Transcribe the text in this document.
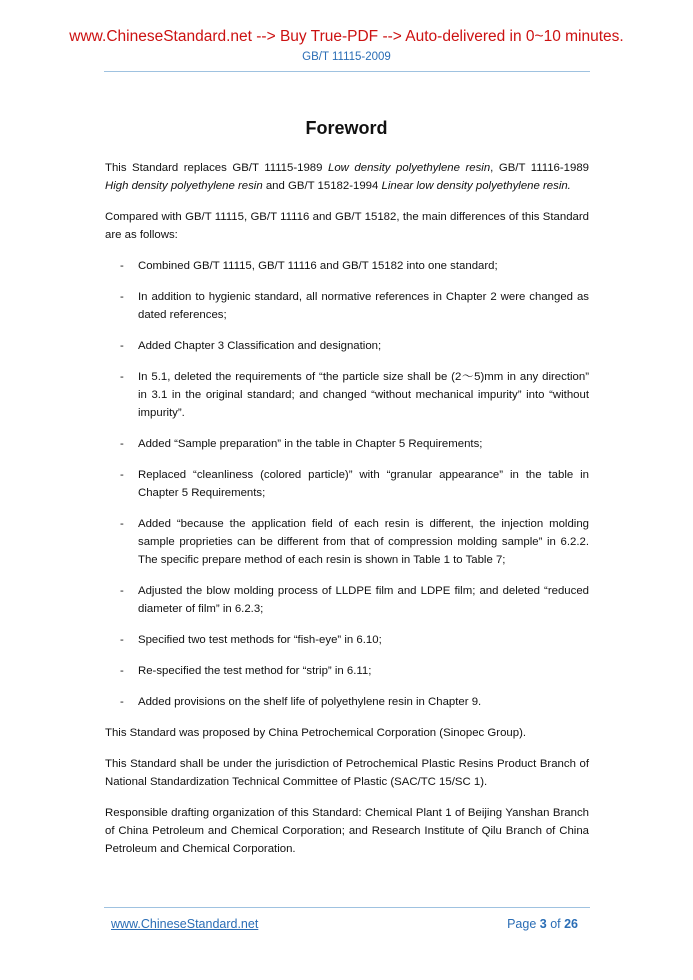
www.ChineseStandard.net --> Buy True-PDF --> Auto-delivered in 0~10 minutes.
GB/T 11115-2009
Foreword

This Standard replaces GB/T 11115-1989 Low density polyethylene resin, GB/T 11116-1989 High density polyethylene resin and GB/T 15182-1994 Linear low density polyethylene resin.

Compared with GB/T 11115, GB/T 11116 and GB/T 15182, the main differences of this Standard are as follows:

- Combined GB/T 11115, GB/T 11116 and GB/T 15182 into one standard;
- In addition to hygienic standard, all normative references in Chapter 2 were changed as dated references;
- Added Chapter 3 Classification and designation;
- In 5.1, deleted the requirements of “the particle size shall be (2～5)mm in any direction” in 3.1 in the original standard; and changed “without mechanical impurity” into “without impurity”.
- Added “Sample preparation” in the table in Chapter 5 Requirements;
- Replaced “cleanliness (colored particle)” with “granular appearance” in the table in Chapter 5 Requirements;
- Added “because the application field of each resin is different, the injection molding sample proprieties can be different from that of compression molding sample” in 6.2.2. The specific prepare method of each resin is shown in Table 1 to Table 7;
- Adjusted the blow molding process of LLDPE film and LDPE film; and deleted “reduced diameter of film” in 6.2.3;
- Specified two test methods for “fish-eye” in 6.10;
- Re-specified the test method for “strip” in 6.11;
- Added provisions on the shelf life of polyethylene resin in Chapter 9.

This Standard was proposed by China Petrochemical Corporation (Sinopec Group).

This Standard shall be under the jurisdiction of Petrochemical Plastic Resins Product Branch of National Standardization Technical Committee of Plastic (SAC/TC 15/SC 1).

Responsible drafting organization of this Standard: Chemical Plant 1 of Beijing Yanshan Branch of China Petroleum and Chemical Corporation; and Research Institute of Qilu Branch of China Petroleum and Chemical Corporation.

www.ChineseStandard.net	Page 3 of 26
